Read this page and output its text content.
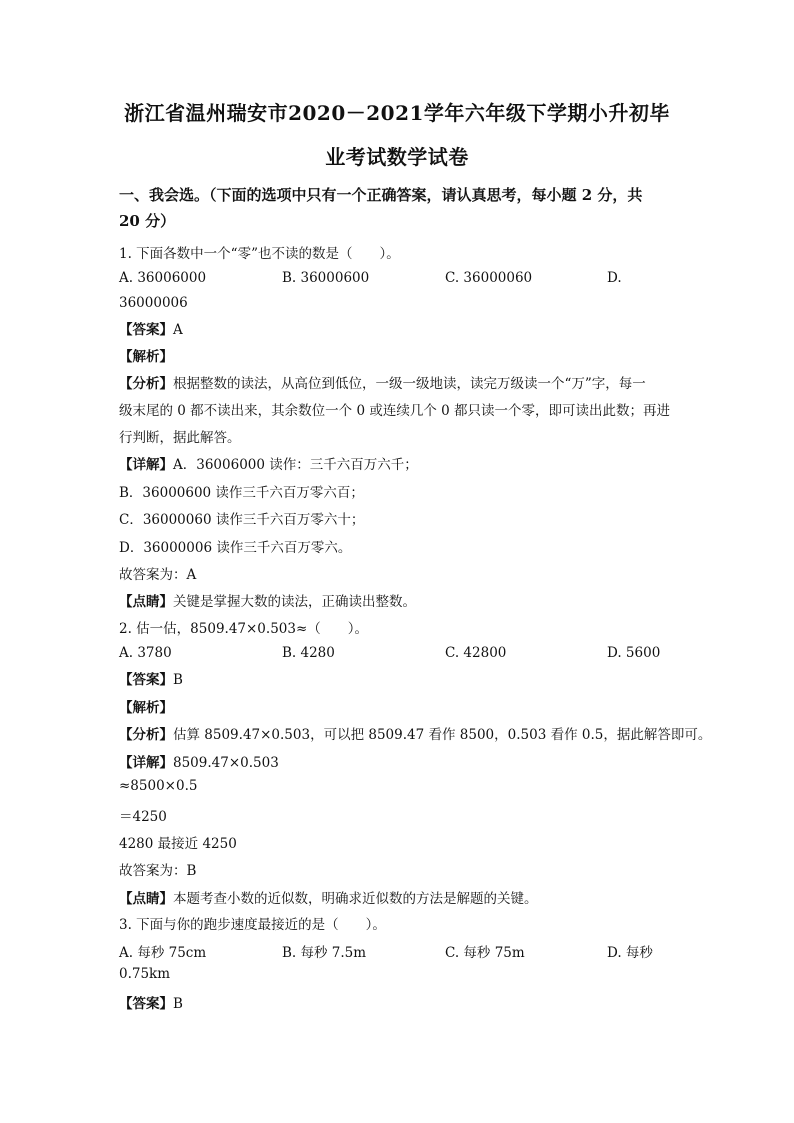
浙江省温州瑞安市2020－2021学年六年级下学期小升初毕
业考试数学试卷
一、我会选。（下面的选项中只有一个正确答案，请认真思考，每小题 2 分，共
20 分）
1. 下面各数中一个“零”也不读的数是（　　）。
A. 36006000	B. 36000600	C. 36000060	D.
36000006
【答案】A
【解析】
【分析】根据整数的读法，从高位到低位，一级一级地读，读完万级读一个“万”字，每一
级末尾的 0 都不读出来，其余数位一个 0 或连续几个 0 都只读一个零，即可读出此数；再进
行判断，据此解答。
【详解】A．36006000 读作：三千六百万六千；
B．36000600 读作三千六百万零六百；
C．36000060 读作三千六百万零六十；
D．36000006 读作三千六百万零六。
故答案为：A
【点睛】关键是掌握大数的读法，正确读出整数。
2. 估一估，8509.47×0.503≈（　　）。
A. 3780	B. 4280	C. 42800	D. 5600
【答案】B
【解析】
【分析】估算 8509.47×0.503，可以把 8509.47 看作 8500，0.503 看作 0.5，据此解答即可。
【详解】8509.47×0.503
≈8500×0.5
＝4250
4280 最接近 4250
故答案为：B
【点睛】本题考查小数的近似数，明确求近似数的方法是解题的关键。
3. 下面与你的跑步速度最接近的是（　　）。
A. 每秒 75cm	B. 每秒 7.5m	C. 每秒 75m	D. 每秒
0.75km
【答案】B
